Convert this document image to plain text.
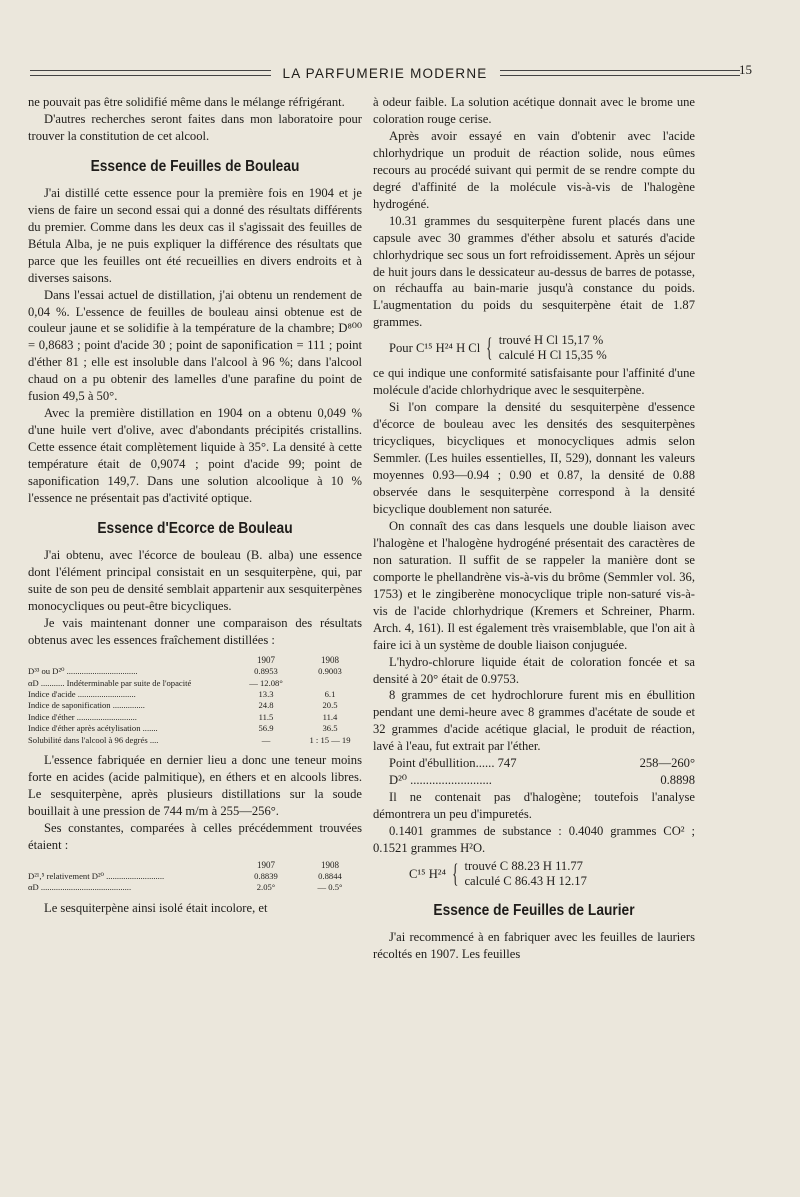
LA PARFUMERIE MODERNE	15

ne pouvait pas être solidifié même dans le mélange réfrigérant.

D'autres recherches seront faites dans mon laboratoire pour trouver la constitution de cet alcool.

Essence de Feuilles de Bouleau

J'ai distillé cette essence pour la première fois en 1904 et je viens de faire un second essai qui a donné des résultats différents du premier. Comme dans les deux cas il s'agissait des feuilles de Bétula Alba, je ne puis expliquer la différence des résultats que parce que les feuilles ont été recueillies en divers endroits et à diverses saisons.

Dans l'essai actuel de distillation, j'ai obtenu un rendement de 0,04 %. L'essence de feuilles de bouleau ainsi obtenue est de couleur jaune et se solidifie à la température de la chambre; D⁸⁰⁰ = 0,8683 ; point d'acide 30 ; point de saponification = 111 ; point d'éther 81 ; elle est insoluble dans l'alcool à 96 %; dans l'alcool chaud on a pu obtenir des lamelles d'une parafine du point de fusion 49,5 à 50°.

Avec la première distillation en 1904 on a obtenu 0,049 % d'une huile vert d'olive, avec d'abondants précipités cristallins. Cette essence était complètement liquide à 35°. La densité à cette température était de 0,9074 ; point d'acide 99; point de saponification 149,7. Dans une solution alcoolique à 10 % l'essence ne présentait pas d'activité optique.

Essence d'Ecorce de Bouleau

J'ai obtenu, avec l'écorce de bouleau (B. alba) une essence dont l'élément principal consistait en un sesquiterpène, qui, par suite de son peu de densité semblait appartenir aux sesquiterpènes monocycliques ou peut-être bicycliques.

Je vais maintenant donner une comparaison des résultats obtenus avec les essences fraîchement distillées :

	1907	1908
D³³ ou D²⁰ .................................	0.8953	0.9003
αD ........... Indéterminable par suite de l'opacité	— 12.08°	
Indice d'acide ...........................	13.3	6.1
Indice de saponification ...............	24.8	20.5
Indice d'éther ............................	11.5	11.4
Indice d'éther après acétylisation .......	56.9	36.5
Solubilité dans l'alcool à 96 degrés ....	—	1 : 15 — 19

L'essence fabriquée en dernier lieu a donc une teneur moins forte en acides (acide palmitique), en éthers et en alcools libres. Le sesquiterpène, après plusieurs distillations sur la soude bouillait à une pression de 744 m/m à 255—256°.

Ses constantes, comparées à celles précédemment trouvées étaient :

	1907	1908
D²¹,⁵ relativement D²⁰ ...........................	0.8839	0.8844
αD ..........................................	2.05°	— 0.5°

Le sesquiterpène ainsi isolé était incolore, et

à odeur faible. La solution acétique donnait avec le brome une coloration rouge cerise.

Après avoir essayé en vain d'obtenir avec l'acide chlorhydrique un produit de réaction solide, nous eûmes recours au procédé suivant qui permit de se rendre compte du degré d'affinité de la molécule vis-à-vis de l'halogène hydrogéné.

10.31 grammes du sesquiterpène furent placés dans une capsule avec 30 grammes d'éther absolu et saturés d'acide chlorhydrique sec sous un fort refroidissement. Après un séjour de huit jours dans le dessicateur au-dessus de barres de potasse, on réchauffa au bain-marie jusqu'à constance du poids. L'augmentation du poids du sesquiterpène était de 1.87 grammes.

Pour C¹⁵ H²⁴ H Cl { trouvé H Cl 15,17 %
calculé H Cl 15,35 %

ce qui indique une conformité satisfaisante pour l'affinité d'une molécule d'acide chlorhydrique avec le sesquiterpène.

Si l'on compare la densité du sesquiterpène d'essence d'écorce de bouleau avec les densités des sesquiterpènes tricycliques, bicycliques et monocycliques admis selon Semmler. (Les huiles essentielles, II, 529), donnant les valeurs moyennes 0.93—0.94 ; 0.90 et 0.87, la densité de 0.88 observée dans le sesquiterpène correspond à la densité bicyclique doublement non saturée.

On connaît des cas dans lesquels une double liaison avec l'halogène et l'halogène hydrogéné présentait des caractères de non saturation. Il suffit de se rappeler la manière dont se comporte le phellandrène vis-à-vis du brôme (Semmler vol. 36, 1753) et le zingiberène monocyclique triple non-saturé vis-à-vis de l'acide chlorhydrique (Kremers et Schreiner, Pharm. Arch. 4, 161). Il est également très vraisemblable, que l'on ait à faire ici à un système de double liaison conjuguée.

L'hydro-chlorure liquide était de coloration foncée et sa densité à 20° était de 0.9753.

8 grammes de cet hydrochlorure furent mis en ébullition pendant une demi-heure avec 8 grammes d'acétate de soude et 32 grammes d'acide acétique glacial, le produit de réaction, lavé à l'eau, fut extrait par l'éther.

Point d'ébullition...... 747	258—260°
D²⁰ ..........................	0.8898

Il ne contenait pas d'halogène; toutefois l'analyse démontrera un peu d'impuretés.

0.1401 grammes de substance : 0.4040 grammes CO² ; 0.1521 grammes H²O.

C¹⁵ H²⁴ { trouvé C 88.23 H 11.77
calculé C 86.43 H 12.17
Essence de Feuilles de Laurier

J'ai recommencé à en fabriquer avec les feuilles de lauriers récoltés en 1907. Les feuilles
